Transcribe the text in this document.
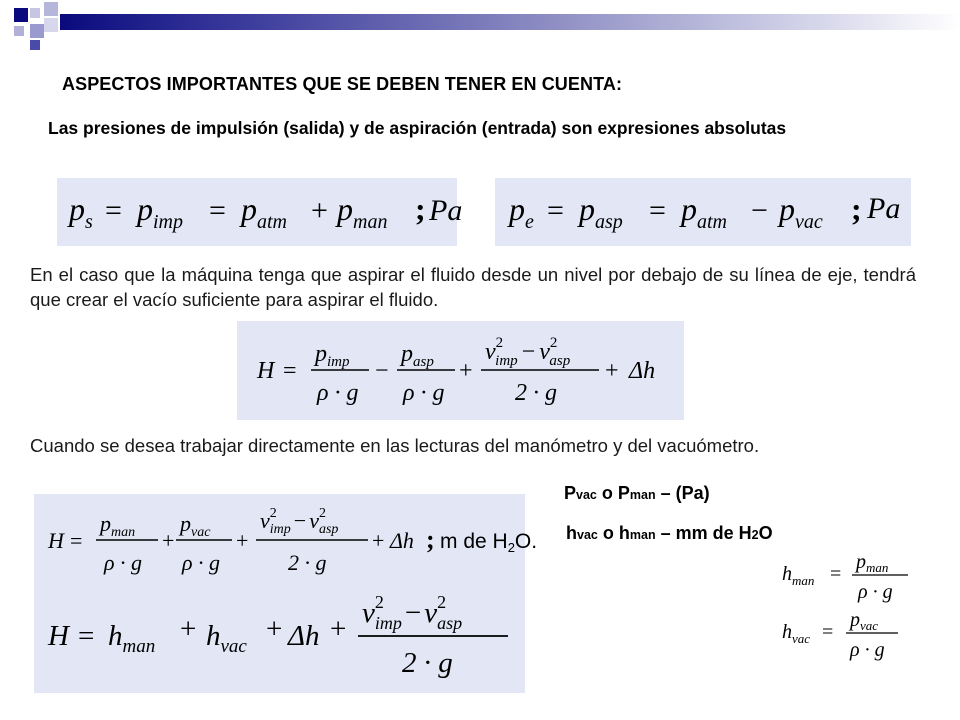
ASPECTOS IMPORTANTES QUE SE DEBEN TENER EN CUENTA:
Las presiones de impulsión (salida) y de aspiración (entrada) son expresiones absolutas
$p_s = p_{imp} = p_{atm} + p_{man}$ ; Pa $p_e = p_{asp} = p_{atm} - p_{vac}$ ; Pa
En el caso que la máquina tenga que aspirar el fluido desde un nivel por debajo de su línea de eje, tendrá que crear el vacío suficiente para aspirar el fluido.
H =
$p_{imp}$
ρ · g
−
$p_{asp}$
ρ · g
+
$v^2$ imp − $v^2$ asp
2 · g
+ Δh
Cuando se desea trabajar directamente en las lecturas del manómetro y del vacuómetro.
Pvac o Pman – (Pa)
hvac o hman – mm de H2O
H =
$p_{man}$
ρ · g
+
$p_{vac}$
ρ · g
+
$v^2$ imp − $v^2$ asp
2 · g
+ Δh ; m de H2O.
$H = h_{man}$
+ $h_{vac}$
+ $\Delta h + v^2$ imp − $v^2$ asp
2 · g
$h_{man}$ =
$p_{man}$
ρ · g
$h_{vac}$ =
$p_{vac}$
ρ · g
